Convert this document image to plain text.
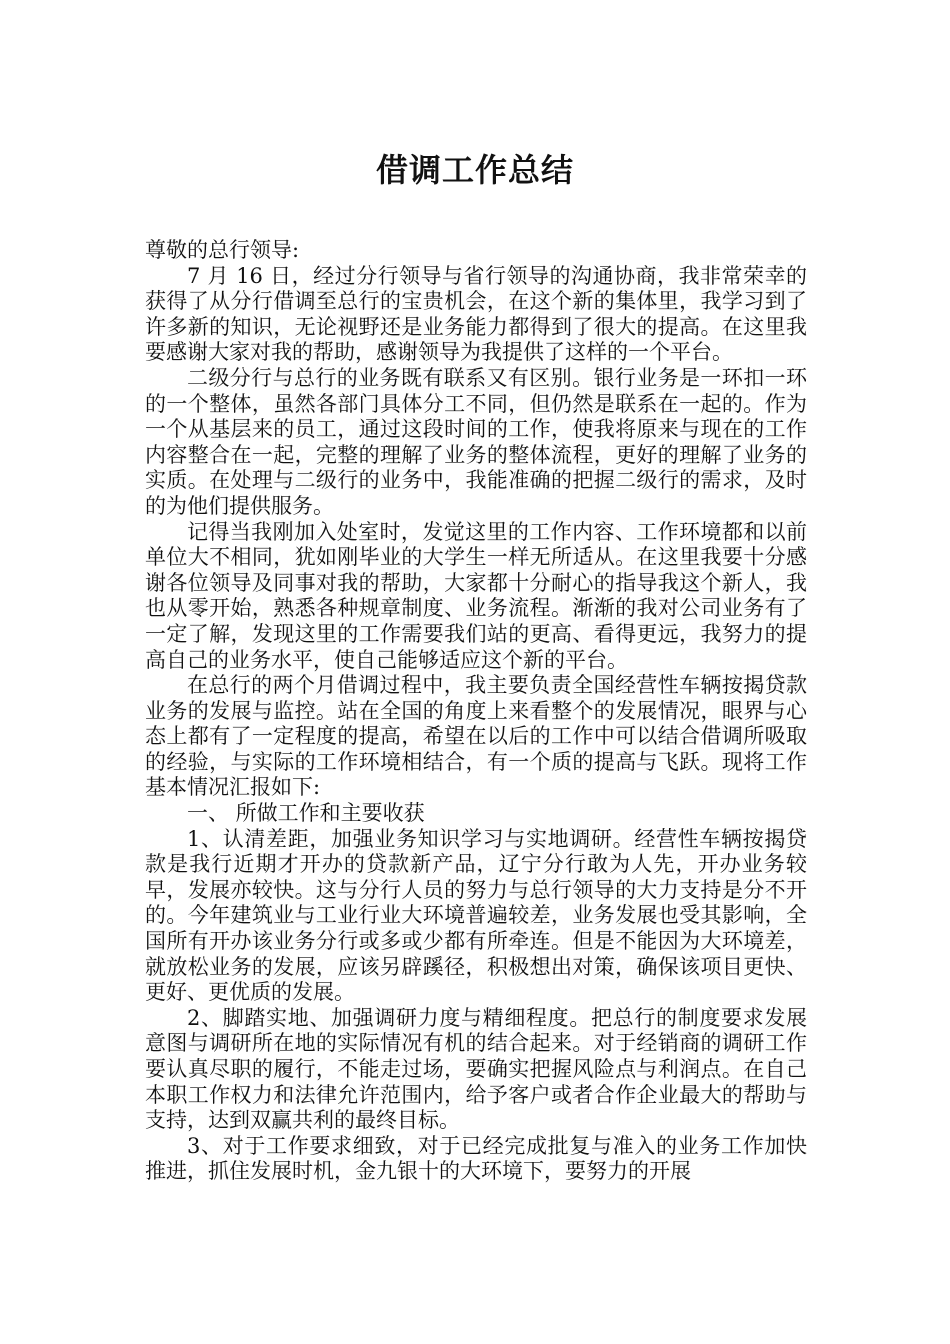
借调工作总结

尊敬的总行领导:

7 月 16 日，经过分行领导与省行领导的沟通协商，我非常荣幸的获得了从分行借调至总行的宝贵机会，在这个新的集体里，我学习到了许多新的知识，无论视野还是业务能力都得到了很大的提高。在这里我要感谢大家对我的帮助，感谢领导为我提供了这样的一个平台。

二级分行与总行的业务既有联系又有区别。银行业务是一环扣一环的一个整体，虽然各部门具体分工不同，但仍然是联系在一起的。作为一个从基层来的员工，通过这段时间的工作，使我将原来与现在的工作内容整合在一起，完整的理解了业务的整体流程，更好的理解了业务的实质。在处理与二级行的业务中，我能准确的把握二级行的需求，及时的为他们提供服务。

记得当我刚加入处室时，发觉这里的工作内容、工作环境都和以前单位大不相同，犹如刚毕业的大学生一样无所适从。在这里我要十分感谢各位领导及同事对我的帮助，大家都十分耐心的指导我这个新人，我也从零开始，熟悉各种规章制度、业务流程。渐渐的我对公司业务有了一定了解，发现这里的工作需要我们站的更高、看得更远，我努力的提高自己的业务水平，使自己能够适应这个新的平台。

在总行的两个月借调过程中，我主要负责全国经营性车辆按揭贷款业务的发展与监控。站在全国的角度上来看整个的发展情况，眼界与心态上都有了一定程度的提高，希望在以后的工作中可以结合借调所吸取的经验，与实际的工作环境相结合，有一个质的提高与飞跃。现将工作基本情况汇报如下:

一、 所做工作和主要收获

1、认清差距，加强业务知识学习与实地调研。经营性车辆按揭贷款是我行近期才开办的贷款新产品，辽宁分行敢为人先，开办业务较早，发展亦较快。这与分行人员的努力与总行领导的大力支持是分不开的。今年建筑业与工业行业大环境普遍较差，业务发展也受其影响，全国所有开办该业务分行或多或少都有所牵连。但是不能因为大环境差，就放松业务的发展，应该另辟蹊径，积极想出对策，确保该项目更快、更好、更优质的发展。

2、脚踏实地、加强调研力度与精细程度。把总行的制度要求发展意图与调研所在地的实际情况有机的结合起来。对于经销商的调研工作要认真尽职的履行，不能走过场，要确实把握风险点与利润点。在自己本职工作权力和法律允许范围内，给予客户或者合作企业最大的帮助与支持，达到双赢共利的最终目标。

3、对于工作要求细致，对于已经完成批复与准入的业务工作加快推进，抓住发展时机，金九银十的大环境下，要努力的开展
